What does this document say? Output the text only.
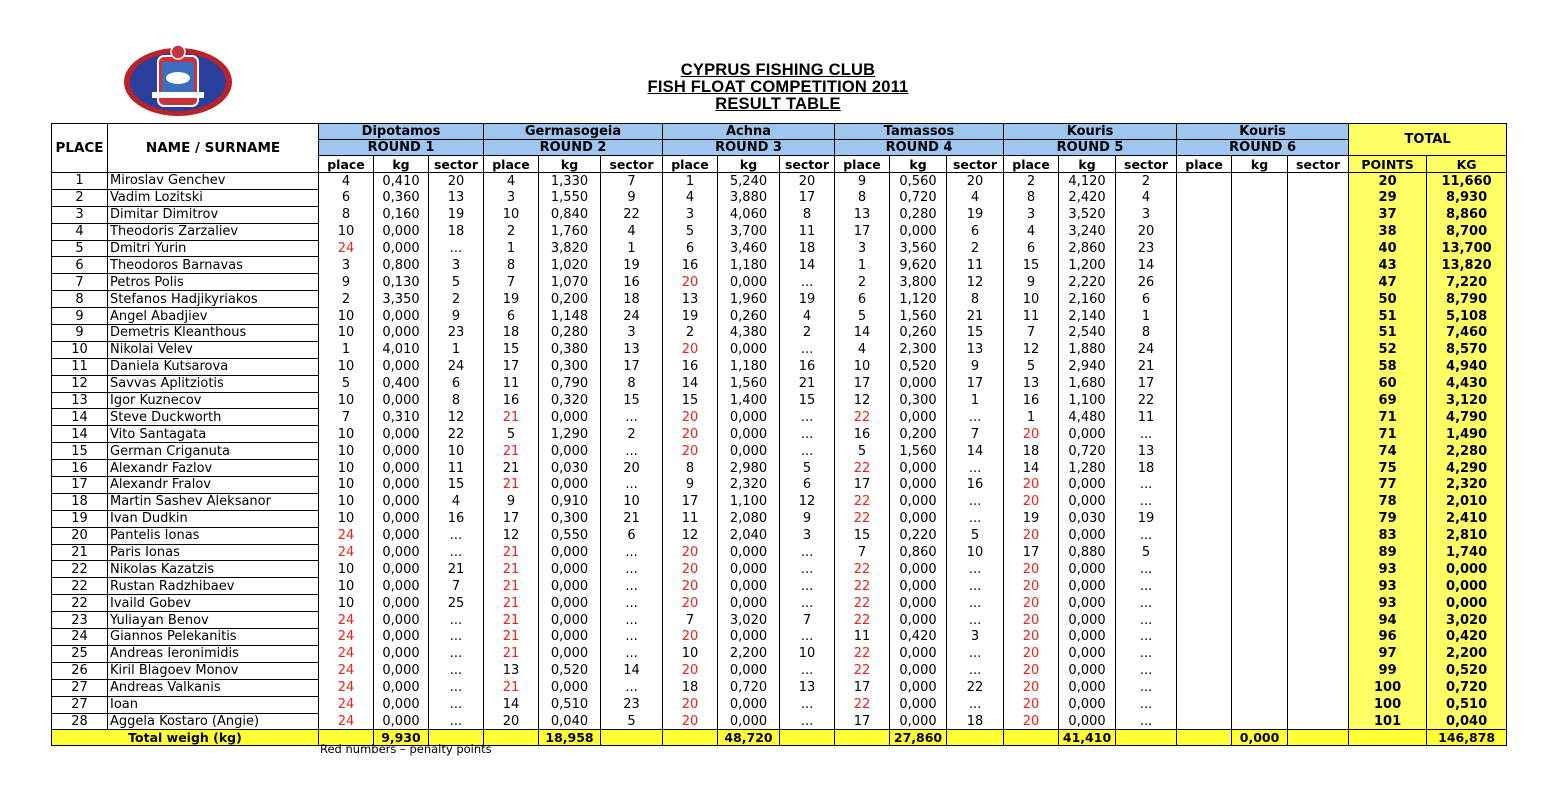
CYPRUS FISHING CLUB
FISH FLOAT COMPETITION 2011
RESULT TABLE
PLACE	NAME / SURNAME	Dipotamos			Germasogeia			Achna			Tamassos			Kouris			Kouris			TOTAL	
		ROUND 1			ROUND 2			ROUND 3			ROUND 4			ROUND 5			ROUND 6				
		place	kg	sector	place	kg	sector	place	kg	sector	place	kg	sector	place	kg	sector	place	kg	sector	POINTS	KG
1	Miroslav Genchev	4	0,410	20	4	1,330	7	1	5,240	20	9	0,560	20	2	4,120	2				20	11,660
2	Vadim Lozitski	6	0,360	13	3	1,550	9	4	3,880	17	8	0,720	4	8	2,420	4				29	8,930
3	Dimitar Dimitrov	8	0,160	19	10	0,840	22	3	4,060	8	13	0,280	19	3	3,520	3				37	8,860
4	Theodoris Zarzaliev	10	0,000	18	2	1,760	4	5	3,700	11	17	0,000	6	4	3,240	20				38	8,700
5	Dmitri Yurin	24	0,000	...	1	3,820	1	6	3,460	18	3	3,560	2	6	2,860	23				40	13,700
6	Theodoros Barnavas	3	0,800	3	8	1,020	19	16	1,180	14	1	9,620	11	15	1,200	14				43	13,820
7	Petros Polis	9	0,130	5	7	1,070	16	20	0,000	...	2	3,800	12	9	2,220	26				47	7,220
8	Stefanos Hadjikyriakos	2	3,350	2	19	0,200	18	13	1,960	19	6	1,120	8	10	2,160	6				50	8,790
9	Angel Abadjiev	10	0,000	9	6	1,148	24	19	0,260	4	5	1,560	21	11	2,140	1				51	5,108
9	Demetris Kleanthous	10	0,000	23	18	0,280	3	2	4,380	2	14	0,260	15	7	2,540	8				51	7,460
10	Nikolai Velev	1	4,010	1	15	0,380	13	20	0,000	...	4	2,300	13	12	1,880	24				52	8,570
11	Daniela Kutsarova	10	0,000	24	17	0,300	17	16	1,180	16	10	0,520	9	5	2,940	21				58	4,940
12	Savvas Aplitziotis	5	0,400	6	11	0,790	8	14	1,560	21	17	0,000	17	13	1,680	17				60	4,430
13	Igor Kuznecov	10	0,000	8	16	0,320	15	15	1,400	15	12	0,300	1	16	1,100	22				69	3,120
14	Steve Duckworth	7	0,310	12	21	0,000	...	20	0,000	...	22	0,000	...	1	4,480	11				71	4,790
14	Vito Santagata	10	0,000	22	5	1,290	2	20	0,000	...	16	0,200	7	20	0,000	...				71	1,490
15	German Criganuta	10	0,000	10	21	0,000	...	20	0,000	...	5	1,560	14	18	0,720	13				74	2,280
16	Alexandr Fazlov	10	0,000	11	21	0,030	20	8	2,980	5	22	0,000	...	14	1,280	18				75	4,290
17	Alexandr Fralov	10	0,000	15	21	0,000	...	9	2,320	6	17	0,000	16	20	0,000	...				77	2,320
18	Martin Sashev Aleksanor	10	0,000	4	9	0,910	10	17	1,100	12	22	0,000	...	20	0,000	...				78	2,010
19	Ivan Dudkin	10	0,000	16	17	0,300	21	11	2,080	9	22	0,000	...	19	0,030	19				79	2,410
20	Pantelis Ionas	24	0,000	...	12	0,550	6	12	2,040	3	15	0,220	5	20	0,000	...				83	2,810
21	Paris Ionas	24	0,000	...	21	0,000	...	20	0,000	...	7	0,860	10	17	0,880	5				89	1,740
22	Nikolas Kazatzis	10	0,000	21	21	0,000	...	20	0,000	...	22	0,000	...	20	0,000	...				93	0,000
22	Rustan Radzhibaev	10	0,000	7	21	0,000	...	20	0,000	...	22	0,000	...	20	0,000	...				93	0,000
22	Ivaild Gobev	10	0,000	25	21	0,000	...	20	0,000	...	22	0,000	...	20	0,000	...				93	0,000
23	Yuliayan Benov	24	0,000	...	21	0,000	...	7	3,020	7	22	0,000	...	20	0,000	...				94	3,020
24	Giannos Pelekanitis	24	0,000	...	21	0,000	...	20	0,000	...	11	0,420	3	20	0,000	...				96	0,420
25	Andreas Ieronimidis	24	0,000	...	21	0,000	...	10	2,200	10	22	0,000	...	20	0,000	...				97	2,200
26	Kiril Blagoev Monov	24	0,000	...	13	0,520	14	20	0,000	...	22	0,000	...	20	0,000	...				99	0,520
27	Andreas Valkanis	24	0,000	...	21	0,000	...	18	0,720	13	17	0,000	22	20	0,000	...				100	0,720
27	Ioan	24	0,000	...	14	0,510	23	20	0,000	...	22	0,000	...	20	0,000	...				100	0,510
28	Aggela Kostaro (Angie)	24	0,000	...	20	0,040	5	20	0,000	...	17	0,000	18	20	0,000	...				101	0,040
Total weigh (kg)			9,930			18,958			48,720			27,860			41,410			0,000			146,878
Red numbers – penalty points
